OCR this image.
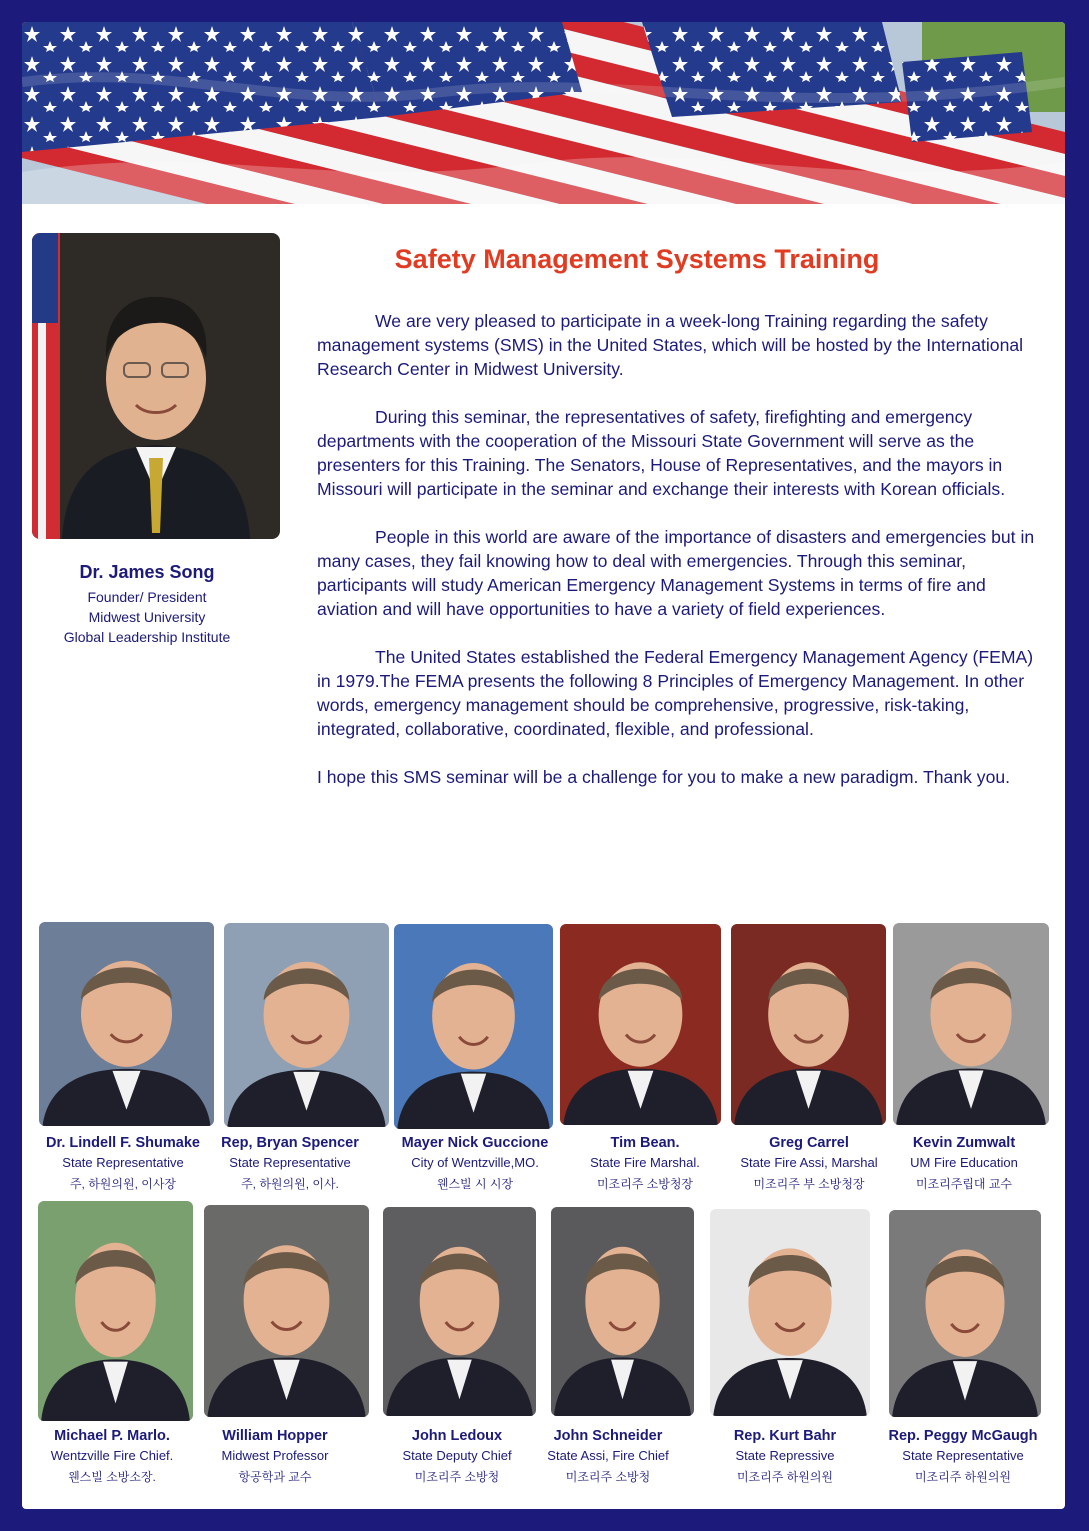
Dr. James Song
Founder/ President
Midwest University
Global Leadership Institute
Safety Management Systems Training

We are very pleased to participate in a week-long Training regarding the safety management systems (SMS) in the United States, which will be hosted by the International Research Center in Midwest University.

During this seminar, the representatives of safety, firefighting and emergency departments with the cooperation of the Missouri State Government will serve as the presenters for this Training. The Senators, House of Representatives, and the mayors in Missouri will participate in the seminar and exchange their interests with Korean officials.

People in this world are aware of the importance of disasters and emergencies but in many cases, they fail knowing how to deal with emergencies. Through this seminar, participants will study American Emergency Management Systems in terms of fire and aviation and will have opportunities to have a variety of field experiences.

The United States established the Federal Emergency Management Agency (FEMA) in 1979.The FEMA presents the following 8 Principles of Emergency Management. In other words, emergency management should be comprehensive, progressive, risk-taking, integrated, collaborative, coordinated, flexible, and professional.

I hope this SMS seminar will be a challenge for you to make a new paradigm. Thank you.

Dr. Lindell F. Shumake
State Representative
주, 하원의원, 이사장
Rep, Bryan Spencer
State Representative
주, 하원의원, 이사.
Mayer Nick Guccione
City of Wentzville,MO.
웬스빌 시 시장
Tim Bean.
State Fire Marshal.
미조리주 소방청장
Greg Carrel
State Fire Assi, Marshal
미조리주 부 소방청장
Kevin Zumwalt
UM Fire Education
미조리주립대 교수
Michael P. Marlo.
Wentzville Fire Chief.
웬스빌 소방소장.
William Hopper
Midwest Professor
항공학과 교수
John Ledoux
State Deputy Chief
미조리주 소방청
John Schneider
State Assi, Fire Chief
미조리주 소방청
Rep. Kurt Bahr
State Repressive
미조리주 하원의원
Rep. Peggy McGaugh
State Representative
미조리주 하원의원
